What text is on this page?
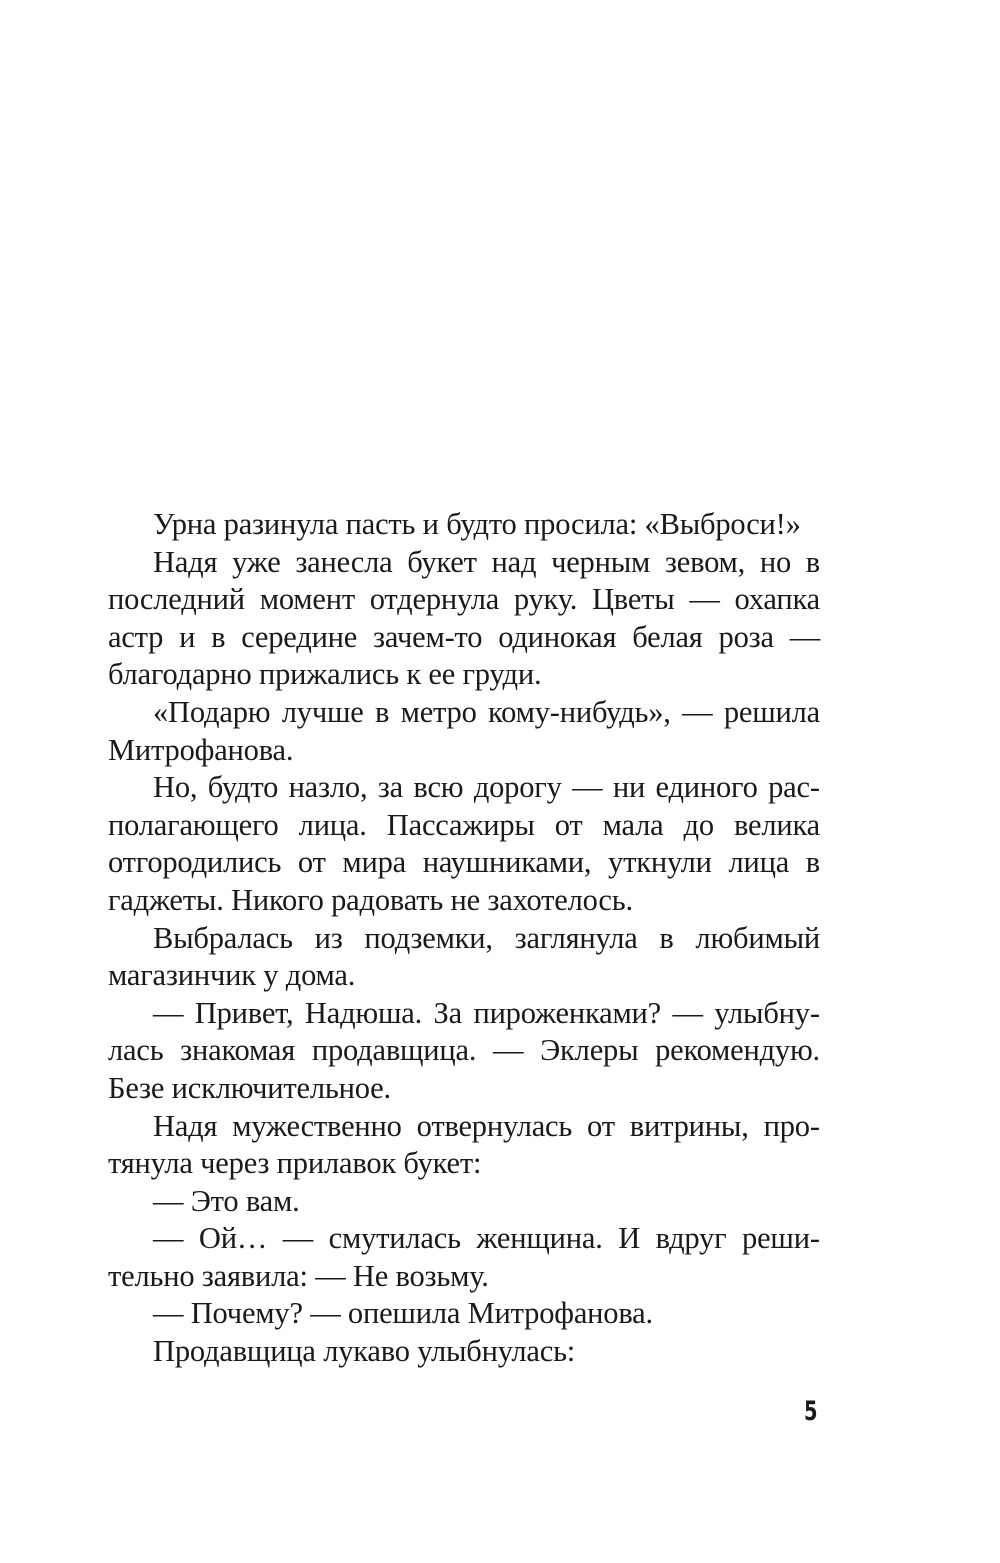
Урна разинула пасть и будто просила: «Выброси!»

Надя уже занесла букет над черным зевом, но в последний момент отдернула руку. Цветы — охапка астр и в середине зачем-то одинокая белая роза — благодарно прижались к ее груди.

«Подарю лучше в метро кому-нибудь», — решила Митрофанова.

Но, будто назло, за всю дорогу — ни единого располагающего лица. Пассажиры от мала до велика отгородились от мира наушниками, уткнули лица в гаджеты. Никого радовать не захотелось.

Выбралась из подземки, заглянула в любимый магазинчик у дома.

— Привет, Надюша. За пироженками? — улыбнулась знакомая продавщица. — Эклеры рекомендую. Безе исключительное.

Надя мужественно отвернулась от витрины, протянула через прилавок букет:

— Это вам.

— Ой… — смутилась женщина. И вдруг решительно заявила: — Не возьму.

— Почему? — опешила Митрофанова.

Продавщица лукаво улыбнулась:

5
